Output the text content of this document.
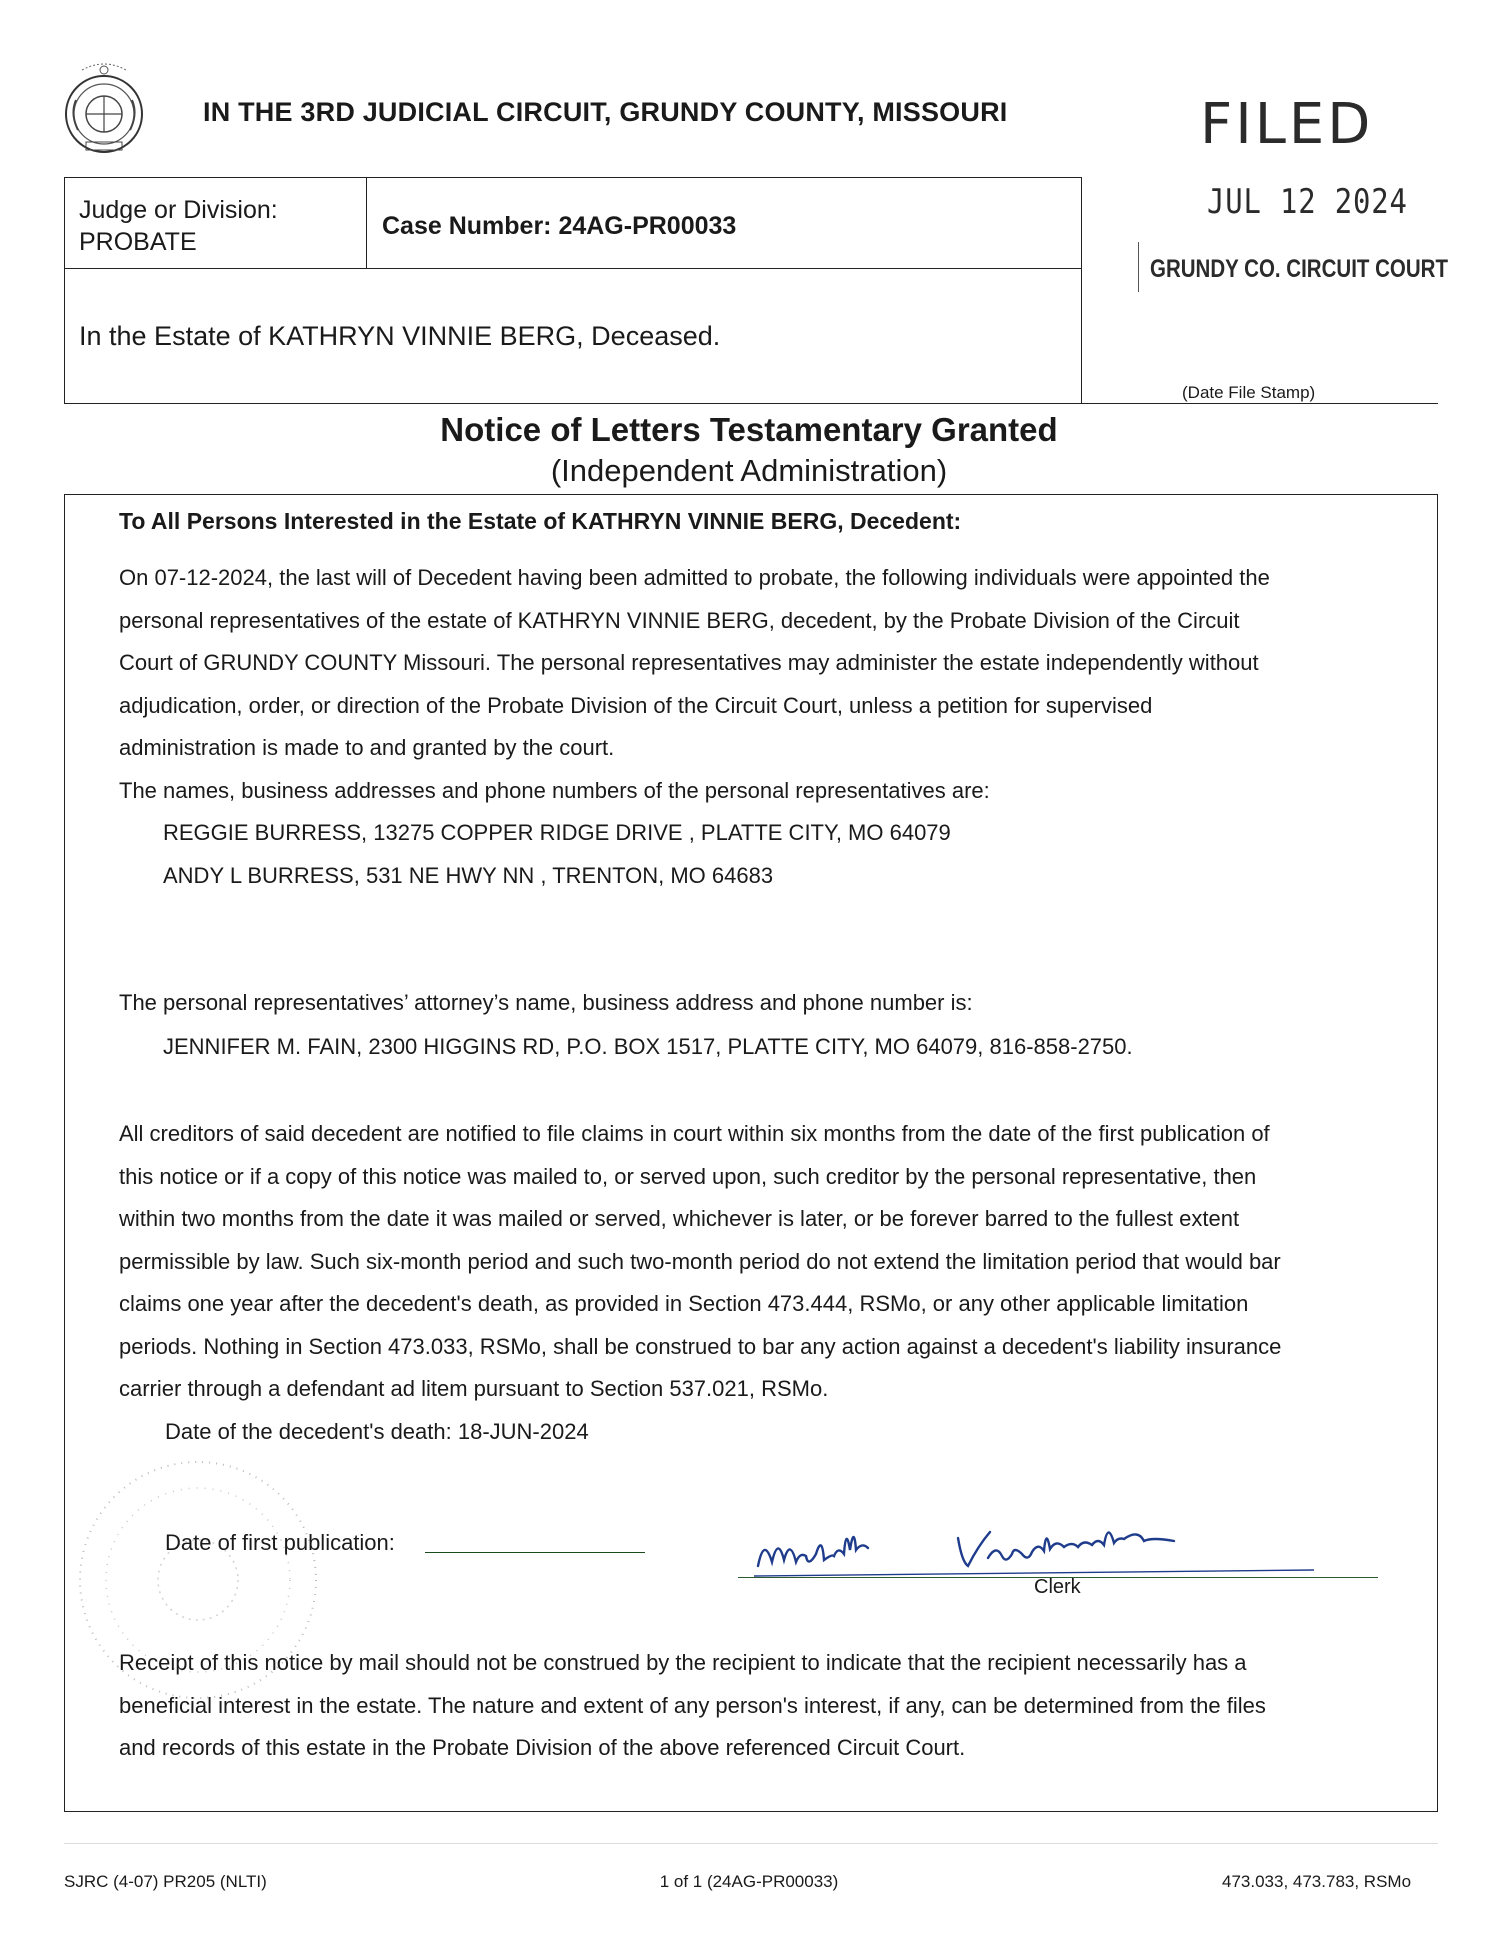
IN THE 3RD JUDICIAL CIRCUIT, GRUNDY COUNTY, MISSOURI
Judge or Division:
PROBATE
Case Number: 24AG-PR00033
In the Estate of KATHRYN VINNIE BERG, Deceased.
FILED
JUL 12 2024
GRUNDY CO. CIRCUIT COURT
(Date File Stamp)
Notice of Letters Testamentary Granted
(Independent Administration)
To All Persons Interested in the Estate of KATHRYN VINNIE BERG, Decedent:
On 07-12-2024, the last will of Decedent having been admitted to probate, the following individuals were appointed the
personal representatives of the estate of KATHRYN VINNIE BERG, decedent, by the Probate Division of the Circuit
Court of GRUNDY COUNTY Missouri. The personal representatives may administer the estate independently without
adjudication, order, or direction of the Probate Division of the Circuit Court, unless a petition for supervised
administration is made to and granted by the court.
The names, business addresses and phone numbers of the personal representatives are:
REGGIE BURRESS, 13275 COPPER RIDGE DRIVE , PLATTE CITY, MO 64079
ANDY L BURRESS, 531 NE HWY NN , TRENTON, MO 64683
The personal representatives’ attorney’s name, business address and phone number is:
JENNIFER M. FAIN, 2300 HIGGINS RD, P.O. BOX 1517, PLATTE CITY, MO 64079, 816-858-2750.
All creditors of said decedent are notified to file claims in court within six months from the date of the first publication of
this notice or if a copy of this notice was mailed to, or served upon, such creditor by the personal representative, then
within two months from the date it was mailed or served, whichever is later, or be forever barred to the fullest extent
permissible by law. Such six-month period and such two-month period do not extend the limitation period that would bar
claims one year after the decedent's death, as provided in Section 473.444, RSMo, or any other applicable limitation
periods. Nothing in Section 473.033, RSMo, shall be construed to bar any action against a decedent's liability insurance
carrier through a defendant ad litem pursuant to Section 537.021, RSMo.
Date of the decedent's death: 18-JUN-2024
Date of first publication:
Clerk
Receipt of this notice by mail should not be construed by the recipient to indicate that the recipient necessarily has a
beneficial interest in the estate. The nature and extent of any person's interest, if any, can be determined from the files
and records of this estate in the Probate Division of the above referenced Circuit Court.
SJRC (4-07) PR205 (NLTI)	1 of 1 (24AG-PR00033)	473.033, 473.783, RSMo
